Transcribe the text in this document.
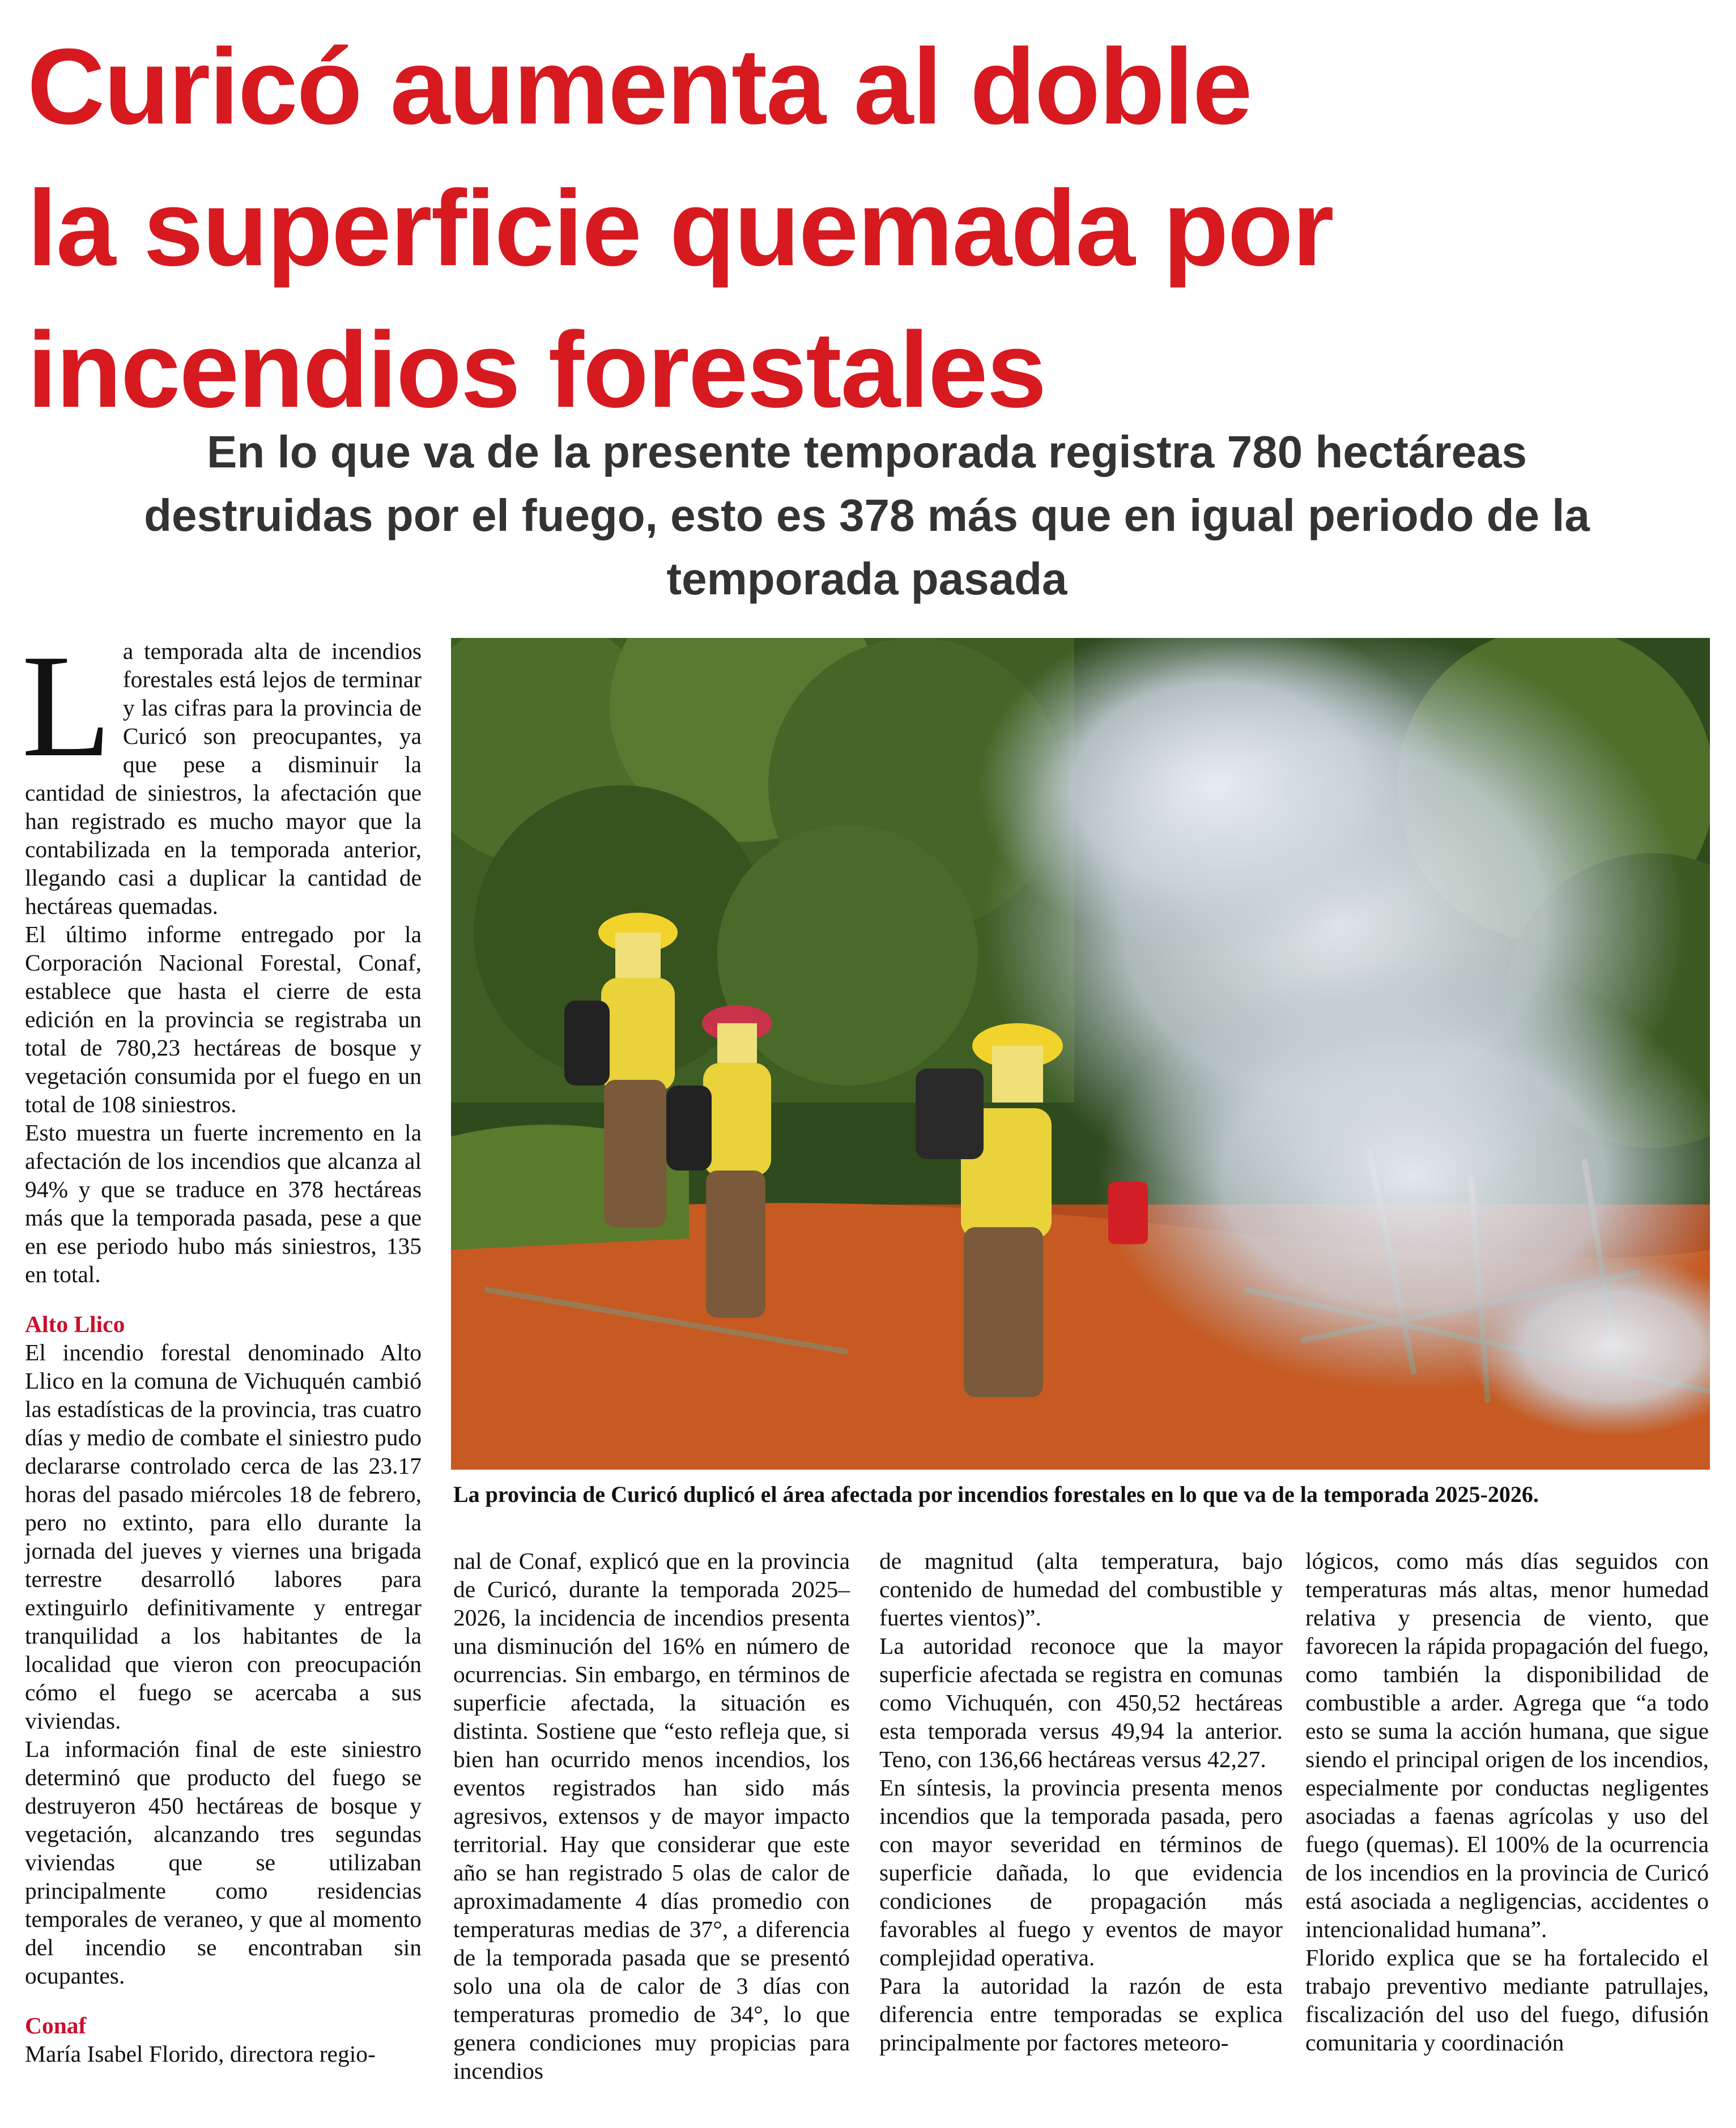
Curicó aumenta al doble
la superficie quemada por
incendios forestales
En lo que va de la presente temporada registra 780 hectáreas
destruidas por el fuego, esto es 378 más que en igual periodo de la
temporada pasada

La temporada alta de incendios forestales está lejos de terminar y las cifras para la provincia de Curicó son preocupantes, ya que pese a disminuir la cantidad de siniestros, la afectación que han registrado es mucho mayor que la contabilizada en la temporada anterior, llegando casi a duplicar la cantidad de hectáreas quemadas.

El último informe entregado por la Corporación Nacional Forestal, Conaf, establece que hasta el cierre de esta edición en la provincia se registraba un total de 780,23 hectáreas de bosque y vegetación consumida por el fuego en un total de 108 siniestros.

Esto muestra un fuerte incremento en la afectación de los incendios que alcanza al 94% y que se traduce en 378 hectáreas más que la temporada pasada, pese a que en ese periodo hubo más siniestros, 135 en total.

Alto Llico

El incendio forestal denominado Alto Llico en la comuna de Vichuquén cambió las estadísticas de la provincia, tras cuatro días y medio de combate el siniestro pudo declararse controlado cerca de las 23.17 horas del pasado miércoles 18 de febrero, pero no extinto, para ello durante la jornada del jueves y viernes una brigada terrestre desarrolló labores para extinguirlo definitivamente y entregar tranquilidad a los habitantes de la localidad que vieron con preocupación cómo el fuego se acercaba a sus viviendas.

La información final de este siniestro determinó que producto del fuego se destruyeron 450 hectáreas de bosque y vegetación, alcanzando tres segundas viviendas que se utilizaban principalmente como residencias temporales de veraneo, y que al momento del incendio se encontraban sin ocupantes.

Conaf

María Isabel Florido, directora regio-

La provincia de Curicó duplicó el área afectada por incendios forestales en lo que va de la temporada 2025-2026.

nal de Conaf, explicó que en la provincia de Curicó, durante la temporada 2025–2026, la incidencia de incendios presenta una disminución del 16% en número de ocurrencias. Sin embargo, en términos de superficie afectada, la situación es distinta. Sostiene que “esto refleja que, si bien han ocurrido menos incendios, los eventos registrados han sido más agresivos, extensos y de mayor impacto territorial. Hay que considerar que este año se han registrado 5 olas de calor de aproximadamente 4 días promedio con temperaturas medias de 37°, a diferencia de la temporada pasada que se presentó solo una ola de calor de 3 días con temperaturas promedio de 34°, lo que genera condiciones muy propicias para incendios

de magnitud (alta temperatura, bajo contenido de humedad del combustible y fuertes vientos)”.

La autoridad reconoce que la mayor superficie afectada se registra en comunas como Vichuquén, con 450,52 hectáreas esta temporada versus 49,94 la anterior. Teno, con 136,66 hectáreas versus 42,27.

En síntesis, la provincia presenta menos incendios que la temporada pasada, pero con mayor severidad en términos de superficie dañada, lo que evidencia condiciones de propagación más favorables al fuego y eventos de mayor complejidad operativa.

Para la autoridad la razón de esta diferencia entre temporadas se explica principalmente por factores meteoro-

lógicos, como más días seguidos con temperaturas más altas, menor humedad relativa y presencia de viento, que favorecen la rápida propagación del fuego, como también la disponibilidad de combustible a arder. Agrega que “a todo esto se suma la acción humana, que sigue siendo el principal origen de los incendios, especialmente por conductas negligentes asociadas a faenas agrícolas y uso del fuego (quemas). El 100% de la ocurrencia de los incendios en la provincia de Curicó está asociada a negligencias, accidentes o intencionalidad humana”.

Florido explica que se ha fortalecido el trabajo preventivo mediante patrullajes, fiscalización del uso del fuego, difusión comunitaria y coordinación
